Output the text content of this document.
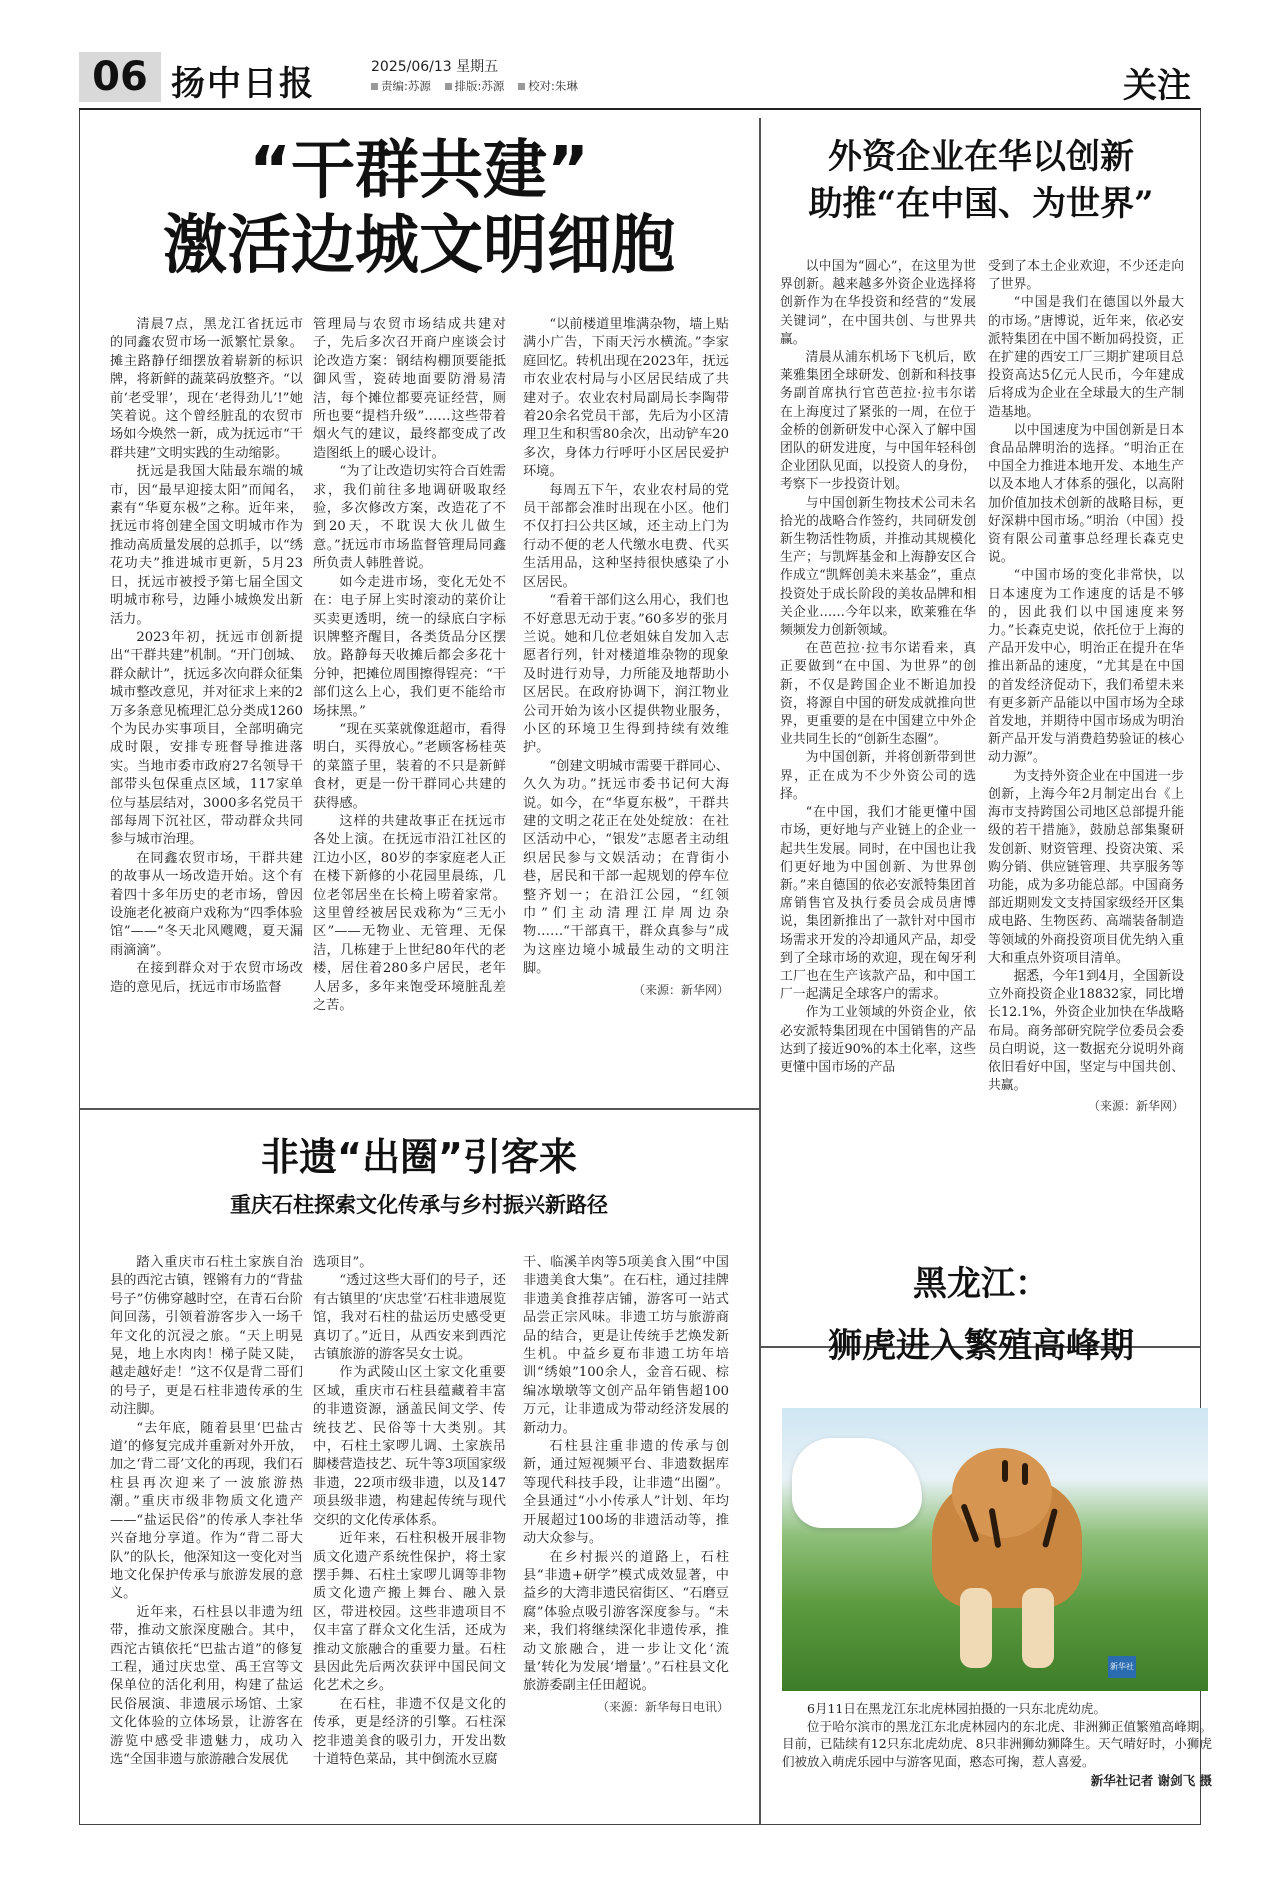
06 扬中日报	2025/06/13 星期五
责编:苏源 排版:苏源 校对:朱琳	关注
“干群共建”
激活边城文明细胞

清晨7点，黑龙江省抚远市的同鑫农贸市场一派繁忙景象。摊主路静仔细摆放着崭新的标识牌，将新鲜的蔬菜码放整齐。“以前‘老受罪’，现在‘老得劲儿’!”她笑着说。这个曾经脏乱的农贸市场如今焕然一新，成为抚远市“干群共建”文明实践的生动缩影。

抚远是我国大陆最东端的城市，因“最早迎接太阳”而闻名，素有“华夏东极”之称。近年来，抚远市将创建全国文明城市作为推动高质量发展的总抓手，以“绣花功夫”推进城市更新，5月23日，抚远市被授予第七届全国文明城市称号，边陲小城焕发出新活力。

2023年初，抚远市创新提出“干群共建”机制。“开门创城、群众献计”，抚远多次向群众征集城市整改意见，并对征求上来的2万多条意见梳理汇总分类成1260个为民办实事项目，全部明确完成时限，安排专班督导推进落实。当地市委市政府27名领导干部带头包保重点区域，117家单位与基层结对，3000多名党员干部每周下沉社区，带动群众共同参与城市治理。

在同鑫农贸市场，干群共建的故事从一场改造开始。这个有着四十多年历史的老市场，曾因设施老化被商户戏称为“四季体验馆”——“冬天北风飕飕，夏天漏雨滴滴”。

在接到群众对于农贸市场改造的意见后，抚远市市场监督

管理局与农贸市场结成共建对子，先后多次召开商户座谈会讨论改造方案：钢结构棚顶要能抵御风雪，瓷砖地面要防滑易清洁，每个摊位都要亮证经营，厕所也要“提档升级”……这些带着烟火气的建议，最终都变成了改造图纸上的暖心设计。

“为了让改造切实符合百姓需求，我们前往多地调研吸取经验，多次修改方案，改造花了不到20天，不耽误大伙儿做生意。”抚远市市场监督管理局同鑫所负责人韩胜普说。

如今走进市场，变化无处不在：电子屏上实时滚动的菜价让买卖更透明，统一的绿底白字标识牌整齐醒目，各类货品分区摆放。路静每天收摊后都会多花十分钟，把摊位周围擦得锃亮：“干部们这么上心，我们更不能给市场抹黑。”

“现在买菜就像逛超市，看得明白，买得放心。”老顾客杨桂英的菜篮子里，装着的不只是新鲜食材，更是一份干群同心共建的获得感。

这样的共建故事正在抚远市各处上演。在抚远市沿江社区的江边小区，80岁的李家庭老人正在楼下新修的小花园里晨练，几位老邻居坐在长椅上唠着家常。这里曾经被居民戏称为“三无小区”——无物业、无管理、无保洁，几栋建于上世纪80年代的老楼，居住着280多户居民，老年人居多，多年来饱受环境脏乱差之苦。

“以前楼道里堆满杂物，墙上贴满小广告，下雨天污水横流。”李家庭回忆。转机出现在2023年，抚远市农业农村局与小区居民结成了共建对子。农业农村局副局长李陶带着20余名党员干部，先后为小区清理卫生和积雪80余次，出动铲车20多次，身体力行呼吁小区居民爱护环境。

每周五下午，农业农村局的党员干部都会准时出现在小区。他们不仅打扫公共区域，还主动上门为行动不便的老人代缴水电费、代买生活用品，这种坚持很快感染了小区居民。

“看着干部们这么用心，我们也不好意思无动于衷。”60多岁的张月兰说。她和几位老姐妹自发加入志愿者行列，针对楼道堆杂物的现象及时进行劝导，力所能及地帮助小区居民。在政府协调下，润江物业公司开始为该小区提供物业服务，小区的环境卫生得到持续有效维护。

“创建文明城市需要干群同心、久久为功。”抚远市委书记何大海说。如今，在“华夏东极”，干群共建的文明之花正在处处绽放：在社区活动中心，“银发”志愿者主动组织居民参与文娱活动；在背街小巷，居民和干部一起规划的停车位整齐划一；在沿江公园，“红领巾”们主动清理江岸周边杂物……“干部真干，群众真参与”成为这座边境小城最生动的文明注脚。

（来源：新华网）

外资企业在华以创新
助推“在中国、为世界”

以中国为“圆心”，在这里为世界创新。越来越多外资企业选择将创新作为在华投资和经营的“发展关键词”，在中国共创、与世界共赢。

清晨从浦东机场下飞机后，欧莱雅集团全球研发、创新和科技事务副首席执行官芭芭拉·拉韦尔诺在上海度过了紧张的一周，在位于金桥的创新研发中心深入了解中国团队的研发进度，与中国年轻科创企业团队见面，以投资人的身份，考察下一步投资计划。

与中国创新生物技术公司未名拾光的战略合作签约，共同研发创新生物活性物质，并推动其规模化生产；与凯辉基金和上海静安区合作成立“凯辉创美未来基金”，重点投资处于成长阶段的美妆品牌和相关企业……今年以来，欧莱雅在华频频发力创新领域。

在芭芭拉·拉韦尔诺看来，真正要做到“在中国、为世界”的创新，不仅是跨国企业不断追加投资，将源自中国的研发成就推向世界，更重要的是在中国建立中外企业共同生长的“创新生态圈”。

为中国创新，并将创新带到世界，正在成为不少外资公司的选择。

“在中国，我们才能更懂中国市场，更好地与产业链上的企业一起共生发展。同时，在中国也让我们更好地为中国创新、为世界创新。”来自德国的依必安派特集团首席销售官及执行委员会成员唐博说，集团新推出了一款针对中国市场需求开发的冷却通风产品，却受到了全球市场的欢迎，现在匈牙利工厂也在生产该款产品，和中国工厂一起满足全球客户的需求。

作为工业领域的外资企业，依必安派特集团现在中国销售的产品达到了接近90%的本土化率，这些更懂中国市场的产品

受到了本土企业欢迎，不少还走向了世界。

“中国是我们在德国以外最大的市场。”唐博说，近年来，依必安派特集团在中国不断加码投资，正在扩建的西安工厂三期扩建项目总投资高达5亿元人民币，今年建成后将成为企业在全球最大的生产制造基地。

以中国速度为中国创新是日本食品品牌明治的选择。“明治正在中国全力推进本地开发、本地生产以及本地人才体系的强化，以高附加价值加技术创新的战略目标，更好深耕中国市场。”明治（中国）投资有限公司董事总经理长森克史说。

“中国市场的变化非常快，以日本速度为工作速度的话是不够的，因此我们以中国速度来努力。”长森克史说，依托位于上海的产品开发中心，明治正在提升在华推出新品的速度，“尤其是在中国的首发经济促动下，我们希望未来有更多新产品能以中国市场为全球首发地，并期待中国市场成为明治新产品开发与消费趋势验证的核心动力源”。

为支持外资企业在中国进一步创新，上海今年2月制定出台《上海市支持跨国公司地区总部提升能级的若干措施》，鼓励总部集聚研发创新、财资管理、投资决策、采购分销、供应链管理、共享服务等功能，成为多功能总部。中国商务部近期则发文支持国家级经开区集成电路、生物医药、高端装备制造等领域的外商投资项目优先纳入重大和重点外资项目清单。

据悉，今年1到4月，全国新设立外商投资企业18832家，同比增长12.1%，外资企业加快在华战略布局。商务部研究院学位委员会委员白明说，这一数据充分说明外商依旧看好中国，坚定与中国共创、共赢。

（来源：新华网）

非遗“出圈”引客来
重庆石柱探索文化传承与乡村振兴新路径

踏入重庆市石柱土家族自治县的西沱古镇，铿锵有力的“背盐号子”仿佛穿越时空，在青石台阶间回荡，引领着游客步入一场千年文化的沉浸之旅。“天上明晃晃，地上水肉肉！梯子陡又陡，越走越好走！”这不仅是背二哥们的号子，更是石柱非遗传承的生动注脚。

“去年底，随着县里‘巴盐古道’的修复完成并重新对外开放，加之‘背二哥’文化的再现，我们石柱县再次迎来了一波旅游热潮。”重庆市级非物质文化遗产——“盐运民俗”的传承人李社华兴奋地分享道。作为“背二哥大队”的队长，他深知这一变化对当地文化保护传承与旅游发展的意义。

近年来，石柱县以非遗为纽带，推动文旅深度融合。其中，西沱古镇依托“巴盐古道”的修复工程，通过庆忠堂、禹王宫等文保单位的活化利用，构建了盐运民俗展演、非遗展示场馆、土家文化体验的立体场景，让游客在游览中感受非遗魅力，成功入选“全国非遗与旅游融合发展优

选项目”。

“透过这些大哥们的号子，还有古镇里的‘庆忠堂’石柱非遗展览馆，我对石柱的盐运历史感受更真切了。”近日，从西安来到西沱古镇旅游的游客吴女士说。

作为武陵山区土家文化重要区域，重庆市石柱县蕴藏着丰富的非遗资源，涵盖民间文学、传统技艺、民俗等十大类别。其中，石柱土家啰儿调、土家族吊脚楼营造技艺、玩牛等3项国家级非遗，22项市级非遗，以及147项县级非遗，构建起传统与现代交织的文化传承体系。

近年来，石柱积极开展非物质文化遗产系统性保护，将土家摆手舞、石柱土家啰儿调等非物质文化遗产搬上舞台、融入景区，带进校园。这些非遗项目不仅丰富了群众文化生活，还成为推动文旅融合的重要力量。石柱县因此先后两次获评中国民间文化艺术之乡。

在石柱，非遗不仅是文化的传承，更是经济的引擎。石柱深挖非遗美食的吸引力，开发出数十道特色菜品，其中倒流水豆腐

干、临溪羊肉等5项美食入围“中国非遗美食大集”。在石柱，通过挂牌非遗美食推荐店铺，游客可一站式品尝正宗风味。非遗工坊与旅游商品的结合，更是让传统手艺焕发新生机。中益乡夏布非遗工坊年培训“绣娘”100余人，金音石砚、棕编冰墩墩等文创产品年销售超100万元，让非遗成为带动经济发展的新动力。

石柱县注重非遗的传承与创新，通过短视频平台、非遗数据库等现代科技手段，让非遗“出圈”。全县通过“小小传承人”计划、年均开展超过100场的非遗活动等，推动大众参与。

在乡村振兴的道路上，石柱县“非遗+研学”模式成效显著，中益乡的大湾非遗民宿街区、“石磨豆腐”体验点吸引游客深度参与。“未来，我们将继续深化非遗传承，推动文旅融合，进一步让文化‘流量’转化为发展‘增量’。”石柱县文化旅游委副主任田超说。

（来源：新华每日电讯）

黑龙江：
狮虎进入繁殖高峰期
新华社

6月11日在黑龙江东北虎林园拍摄的一只东北虎幼虎。

位于哈尔滨市的黑龙江东北虎林园内的东北虎、非洲狮正值繁殖高峰期。目前，已陆续有12只东北虎幼虎、8只非洲狮幼狮降生。天气晴好时，小狮虎们被放入萌虎乐园中与游客见面，憨态可掬，惹人喜爱。

新华社记者 谢剑飞 摄
